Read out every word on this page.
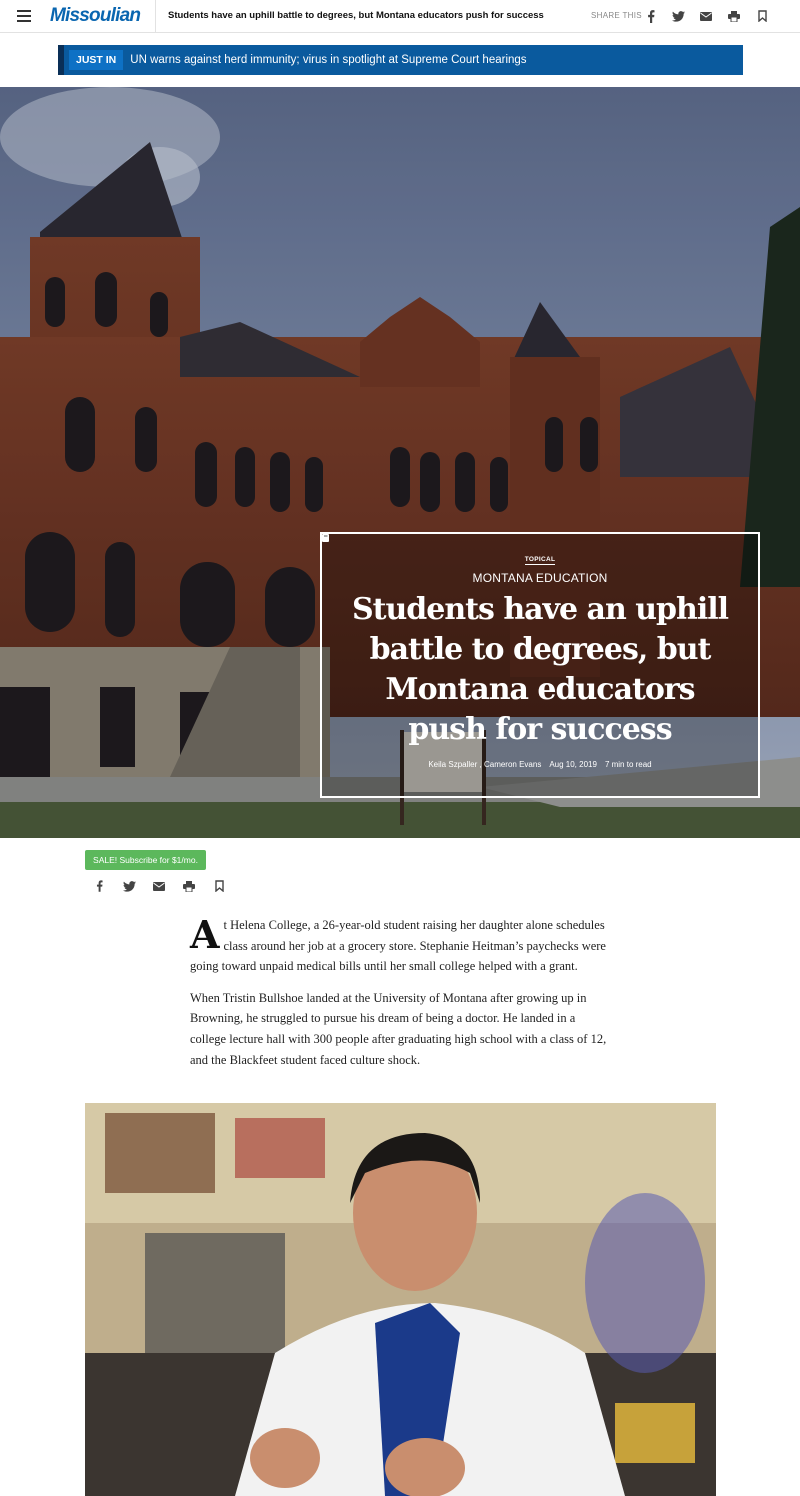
Missoulian	Students have an uphill battle to degrees, but Montana educators push for success	SHARE THIS
JUST IN	UN warns against herd immunity; virus in spotlight at Supreme Court hearings
TOPICAL
MONTANA EDUCATION
Students have an uphill battle to degrees, but Montana educators push for success
Keila Szpaller , Cameron Evans Aug 10, 2019 7 min to read
SALE! Subscribe for $1/mo.

At Helena College, a 26-year-old student raising her daughter alone schedules class around her job at a grocery store. Stephanie Heitman’s paychecks were going toward unpaid medical bills until her small college helped with a grant.

When Tristin Bullshoe landed at the University of Montana after growing up in Browning, he struggled to pursue his dream of being a doctor. He landed in a college lecture hall with 300 people after graduating high school with a class of 12, and the Blackfeet student faced culture shock.
